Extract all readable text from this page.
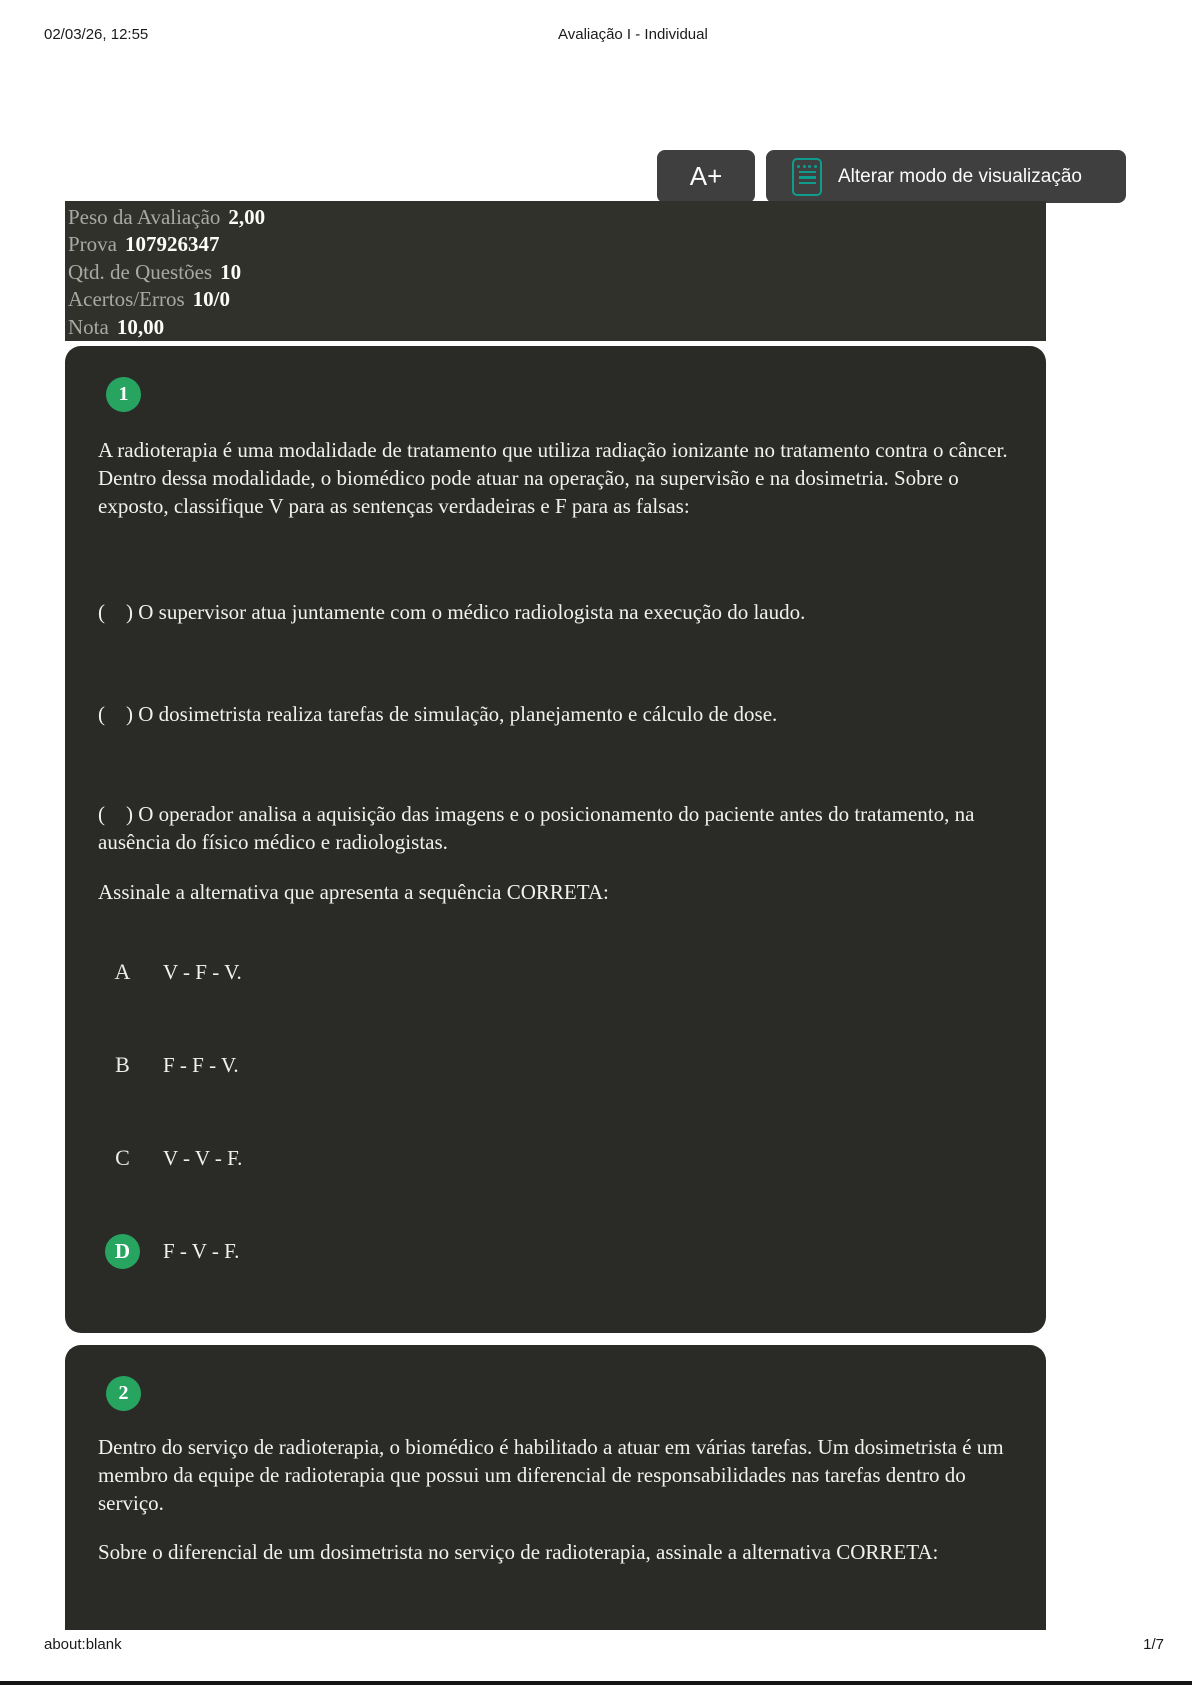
02/03/26, 12:55	Avaliação I - Individual
A+	Alterar modo de visualização
Peso da Avaliação 2,00
Prova 107926347
Qtd. de Questões 10
Acertos/Erros 10/0
Nota 10,00
1
A radioterapia é uma modalidade de tratamento que utiliza radiação ionizante no tratamento contra o câncer. Dentro dessa modalidade, o biomédico pode atuar na operação, na supervisão e na dosimetria. Sobre o exposto, classifique V para as sentenças verdadeiras e F para as falsas:
(    ) O supervisor atua juntamente com o médico radiologista na execução do laudo.
(    ) O dosimetrista realiza tarefas de simulação, planejamento e cálculo de dose.
(    ) O operador analisa a aquisição das imagens e o posicionamento do paciente antes do tratamento, na ausência do físico médico e radiologistas.
Assinale a alternativa que apresenta a sequência CORRETA:
A	V - F - V.
B	F - F - V.
C	V - V - F.
D	F - V - F.
2
Dentro do serviço de radioterapia, o biomédico é habilitado a atuar em várias tarefas. Um dosimetrista é um membro da equipe de radioterapia que possui um diferencial de responsabilidades nas tarefas dentro do serviço.
Sobre o diferencial de um dosimetrista no serviço de radioterapia, assinale a alternativa CORRETA:
about:blank	1/7
